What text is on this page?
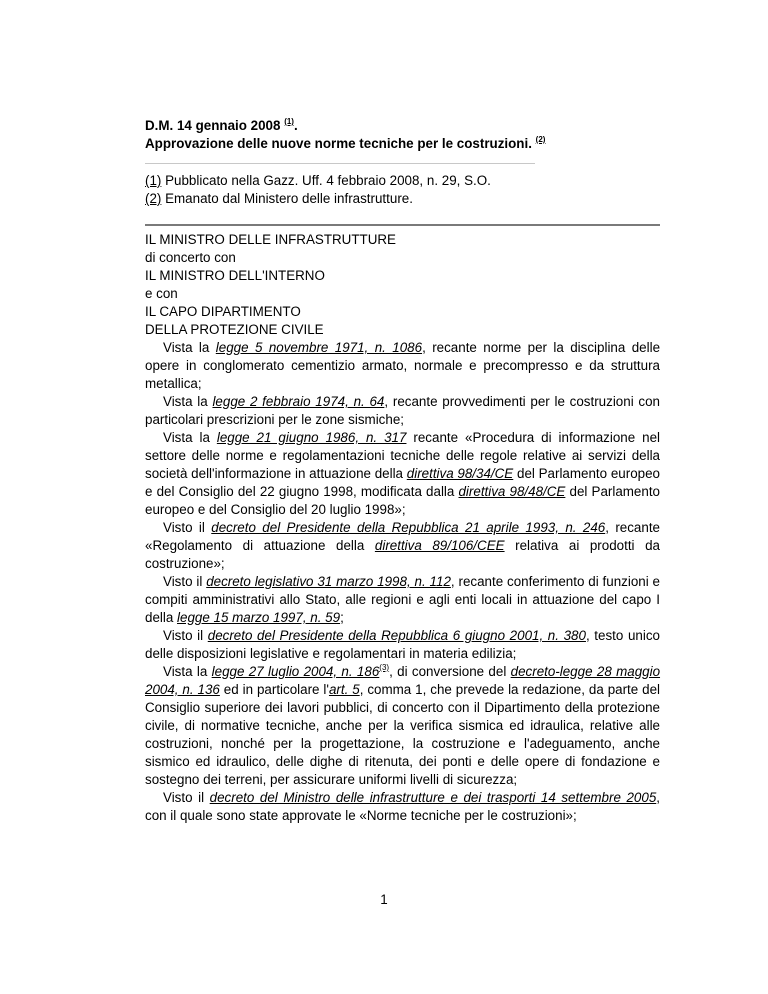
D.M. 14 gennaio 2008 $^{(1)}$.
Approvazione delle nuove norme tecniche per le costruzioni. $^{(2)}$
(1) Pubblicato nella Gazz. Uff. 4 febbraio 2008, n. 29, S.O.
(2) Emanato dal Ministero delle infrastrutture.
IL MINISTRO DELLE INFRASTRUTTURE
di concerto con
IL MINISTRO DELL'INTERNO
e con
IL CAPO DIPARTIMENTO
DELLA PROTEZIONE CIVILE
Vista la legge 5 novembre 1971, n. 1086, recante norme per la disciplina delle opere in conglomerato cementizio armato, normale e precompresso e da struttura metallica;
Vista la legge 2 febbraio 1974, n. 64, recante provvedimenti per le costruzioni con particolari prescrizioni per le zone sismiche;
Vista la legge 21 giugno 1986, n. 317 recante «Procedura di informazione nel settore delle norme e regolamentazioni tecniche delle regole relative ai servizi della società dell'informazione in attuazione della direttiva 98/34/CE del Parlamento europeo e del Consiglio del 22 giugno 1998, modificata dalla direttiva 98/48/CE del Parlamento europeo e del Consiglio del 20 luglio 1998»;
Visto il decreto del Presidente della Repubblica 21 aprile 1993, n. 246, recante «Regolamento di attuazione della direttiva 89/106/CEE relativa ai prodotti da costruzione»;
Visto il decreto legislativo 31 marzo 1998, n. 112, recante conferimento di funzioni e compiti amministrativi allo Stato, alle regioni e agli enti locali in attuazione del capo I della legge 15 marzo 1997, n. 59;
Visto il decreto del Presidente della Repubblica 6 giugno 2001, n. 380, testo unico delle disposizioni legislative e regolamentari in materia edilizia;
Vista la legge 27 luglio 2004, n. 186$^{(3)}$, di conversione del decreto-legge 28 maggio 2004, n. 136 ed in particolare l'art. 5, comma 1, che prevede la redazione, da parte del Consiglio superiore dei lavori pubblici, di concerto con il Dipartimento della protezione civile, di normative tecniche, anche per la verifica sismica ed idraulica, relative alle costruzioni, nonché per la progettazione, la costruzione e l'adeguamento, anche sismico ed idraulico, delle dighe di ritenuta, dei ponti e delle opere di fondazione e sostegno dei terreni, per assicurare uniformi livelli di sicurezza;
Visto il decreto del Ministro delle infrastrutture e dei trasporti 14 settembre 2005, con il quale sono state approvate le «Norme tecniche per le costruzioni»;
1
